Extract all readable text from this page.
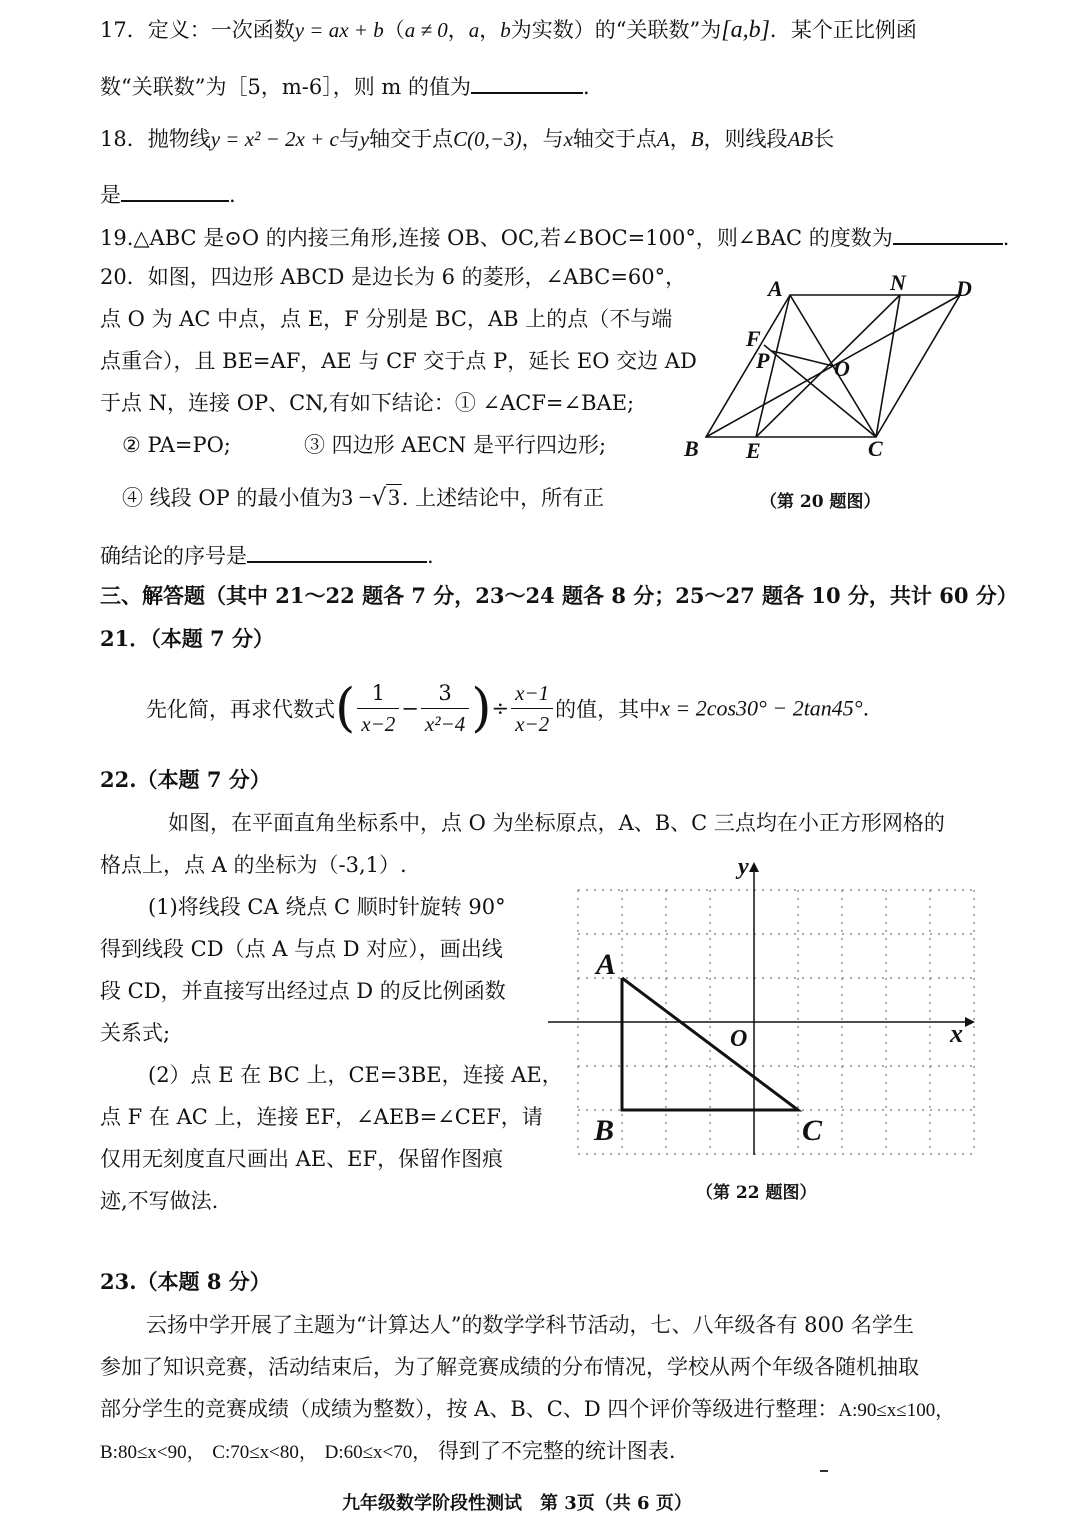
17．定义：一次函数y = ax + b（a ≠ 0，a，b为实数）的“关联数”为[a,b]．某个正比例函
数“关联数”为［5，m-6］，则 m 的值为	.
18．抛物线y = x² − 2x + c与y轴交于点C(0,−3)，与x轴交于点A，B，则线段AB长
是	.
19.△ABC 是⊙O 的内接三角形,连接 OB、OC,若∠BOC=100°，则∠BAC 的度数为	.
20．如图，四边形 ABCD 是边长为 6 的菱形，∠ABC=60°，
点 O 为 AC 中点，点 E，F 分别是 BC，AB 上的点（不与端
点重合），且 BE=AF，AE 与 CF 交于点 P，延长 EO 交边 AD
于点 N，连接 OP、CN,有如下结论：① ∠ACF=∠BAE;
② PA=PO;	③ 四边形 AECN 是平行四边形;
④ 线段 OP 的最小值为3 −√3. 上述结论中，所有正
确结论的序号是	.
A	N D
F
P	O
B E	C
（第 20 题图）
三、解答题（其中 21～22 题各 7 分，23～24 题各 8 分；25～27 题各 10 分，共计 60 分）
21．（本题 7 分）
先化简，再求代数式( $\frac{1}{x-2} - \frac{3}{\text{x²−4}}$ )÷ $\frac{x-1}{x-2}$ 的值，其中x = 2cos30° − 2tan45°.
22.（本题 7 分）
如图，在平面直角坐标系中，点 O 为坐标原点，A、B、C 三点均在小正方形网格的
格点上，点 A 的坐标为（-3,1）.
(1)将线段 CA 绕点 C 顺时针旋转 90°
得到线段 CD（点 A 与点 D 对应），画出线
段 CD，并直接写出经过点 D 的反比例函数
关系式;
(2）点 E 在 BC 上，CE=3BE，连接 AE，
点 F 在 AC 上，连接 EF，∠AEB=∠CEF，请
仅用无刻度直尺画出 AE、EF，保留作图痕
迹,不写做法.
y
x
O
A
B	C
（第 22 题图）
23.（本题 8 分）
云扬中学开展了主题为“计算达人”的数学学科节活动，七、八年级各有 800 名学生
参加了知识竞赛，活动结束后，为了解竞赛成绩的分布情况，学校从两个年级各随机抽取
部分学生的竞赛成绩（成绩为整数），按 A、B、C、D 四个评价等级进行整理：A:90≤x≤100，
B:80≤x<90， C:70≤x<80， D:60≤x<70， 得到了不完整的统计图表.
九年级数学阶段性测试　第 3页（共 6 页）
